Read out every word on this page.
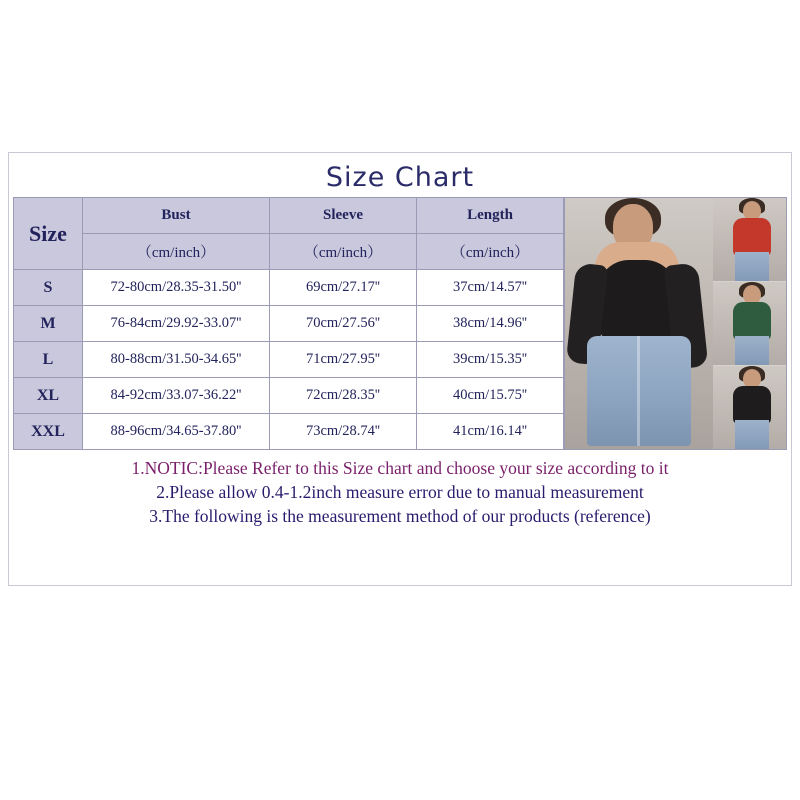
Size Chart
Size	Bust	Sleeve	Length
	（cm/inch）	（cm/inch）	（cm/inch）
S	72-80cm/28.35-31.50''	69cm/27.17''	37cm/14.57''
M	76-84cm/29.92-33.07''	70cm/27.56''	38cm/14.96''
L	80-88cm/31.50-34.65''	71cm/27.95''	39cm/15.35''
XL	84-92cm/33.07-36.22''	72cm/28.35''	40cm/15.75''
XXL	88-96cm/34.65-37.80''	73cm/28.74''	41cm/16.14''
1.NOTIC:Please Refer to this Size chart and choose your size according to it
2.Please allow 0.4-1.2inch measure error due to manual measurement
3.The following is the measurement method of our products (reference)
